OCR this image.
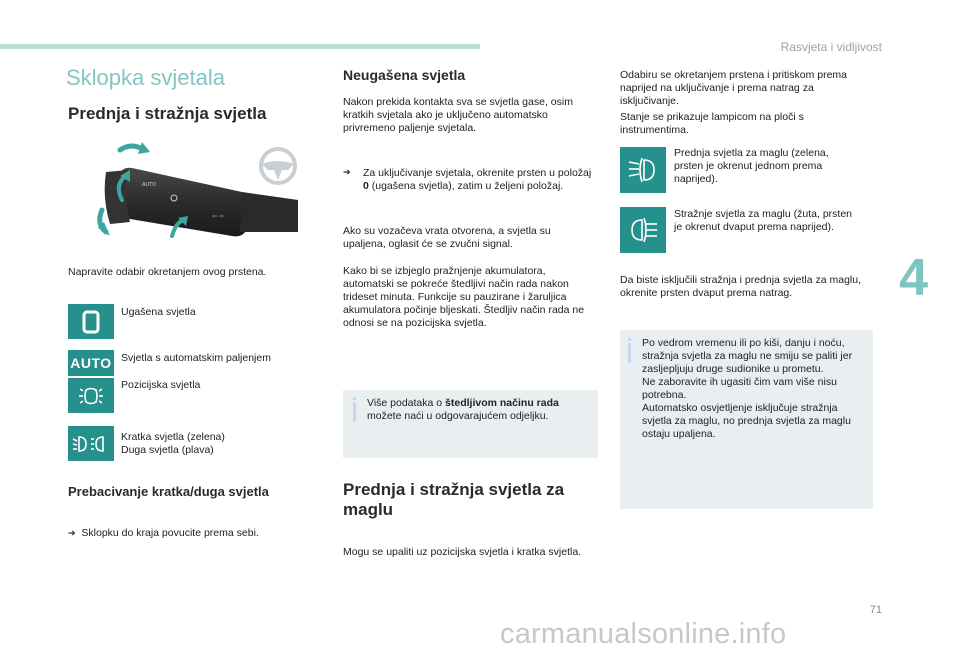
Rasvjeta i vidljivost
Sklopka svjetala
Prednja i stražnja svjetla
⇦ ⇨
AUTO
Napravite odabir okretanjem ovog prstena.
Ugašena svjetla
AUTO Svjetla s automatskim paljenjem
Pozicijska svjetla
Kratka svjetla (zelena)
Duga svjetla (plava)
Prebacivanje kratka/duga svjetla
➔ Sklopku do kraja povucite prema sebi.
Neugašena svjetla
Nakon prekida kontakta sva se svjetla gase, osim kratkih svjetala ako je uključeno automatsko privremeno paljenje svjetala.
➔ Za uključivanje svjetala, okrenite prsten u položaj 0 (ugašena svjetla), zatim u željeni položaj.
Ako su vozačeva vrata otvorena, a svjetla su upaljena, oglasit će se zvučni signal.
Kako bi se izbjeglo pražnjenje akumulatora, automatski se pokreće štedljivi način rada nakon trideset minuta. Funkcije su pauzirane i žaruljica akumulatora počinje bljeskati. Štedljiv način rada ne odnosi se na pozicijska svjetla.
Više podataka o štedljivom načinu rada možete naći u odgovarajućem odjeljku.
Prednja i stražnja svjetla za maglu
Mogu se upaliti uz pozicijska svjetla i kratka svjetla.
Odabiru se okretanjem prstena i pritiskom prema naprijed na uključivanje i prema natrag za isključivanje.
Stanje se prikazuje lampicom na ploči s instrumentima.
Prednja svjetla za maglu (zelena, prsten je okrenut jednom prema naprijed).
Stražnje svjetla za maglu (žuta, prsten je okrenut dvaput prema naprijed).
Da biste isključili stražnja i prednja svjetla za maglu, okrenite prsten dvaput prema natrag.
Po vedrom vremenu ili po kiši, danju i noću, stražnja svjetla za maglu ne smiju se paliti jer zasljepljuju druge sudionike u prometu.
Ne zaboravite ih ugasiti čim vam više nisu potrebna.
Automatsko osvjetljenje isključuje stražnja svjetla za maglu, no prednja svjetla za maglu ostaju upaljena.
4
71
carmanualsonline.info
